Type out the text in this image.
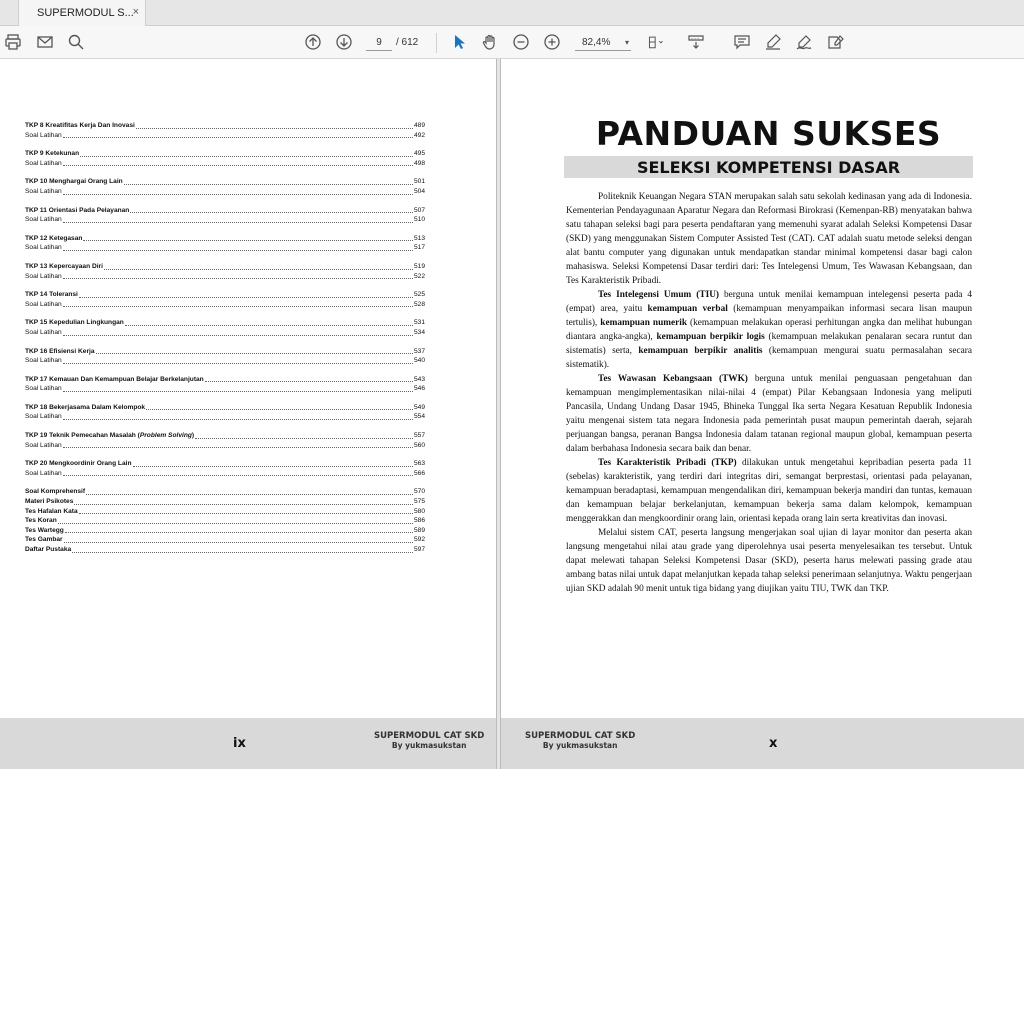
SUPERMODUL S...
×
9
/ 612	82,4% ▾
TKP 8 Kreatifitas Kerja Dan Inovasi	489
Soal Latihan	492
TKP 9 Ketekunan	495
Soal Latihan	498
TKP 10 Menghargai Orang Lain	501
Soal Latihan	504
TKP 11 Orientasi Pada Pelayanan	507
Soal Latihan	510
TKP 12 Ketegasan	513
Soal Latihan	517
TKP 13 Kepercayaan Diri	519
Soal Latihan	522
TKP 14 Toleransi	525
Soal Latihan	528
TKP 15 Kepedulian Lingkungan	531
Soal Latihan	534
TKP 16 Efisiensi Kerja	537
Soal Latihan	540
TKP 17 Kemauan Dan Kemampuan Belajar Berkelanjutan	543
Soal Latihan	546
TKP 18 Bekerjasama Dalam Kelompok	549
Soal Latihan	554
TKP 19 Teknik Pemecahan Masalah (Problem Solving)	557
Soal Latihan	560
TKP 20 Mengkoordinir Orang Lain	563
Soal Latihan	566
Soal Komprehensif	570
Materi Psikotes	575
Tes Hafalan Kata	580
Tes Koran	586
Tes Wartegg	589
Tes Gambar	592
Daftar Pustaka	597
ix	SUPERMODUL CAT SKD
By yukmasukstan
PANDUAN SUKSES
SELEKSI KOMPETENSI DASAR

Politeknik Keuangan Negara STAN merupakan salah satu sekolah kedinasan yang ada di Indonesia. Kementerian Pendayagunaan Aparatur Negara dan Reformasi Birokrasi (Kemenpan-RB) menyatakan bahwa satu tahapan seleksi bagi para peserta pendaftaran yang memenuhi syarat adalah Seleksi Kompetensi Dasar (SKD) yang menggunakan Sistem Computer Assisted Test (CAT). CAT adalah suatu metode seleksi dengan alat bantu computer yang digunakan untuk mendapatkan standar minimal kompetensi dasar bagi calon mahasiswa. Seleksi Kompetensi Dasar terdiri dari: Tes Intelegensi Umum, Tes Wawasan Kebangsaan, dan Tes Karakteristik Pribadi.

Tes Intelegensi Umum (TIU) berguna untuk menilai kemampuan intelegensi peserta pada 4 (empat) area, yaitu kemampuan verbal (kemampuan menyampaikan informasi secara lisan maupun tertulis), kemampuan numerik (kemampuan melakukan operasi perhitungan angka dan melihat hubungan diantara angka-angka), kemampuan berpikir logis (kemampuan melakukan penalaran secara runtut dan sistematis) serta, kemampuan berpikir analitis (kemampuan mengurai suatu permasalahan secara sistematik).

Tes Wawasan Kebangsaan (TWK) berguna untuk menilai penguasaan pengetahuan dan kemampuan mengimplementasikan nilai-nilai 4 (empat) Pilar Kebangsaan Indonesia yang meliputi Pancasila, Undang Undang Dasar 1945, Bhineka Tunggal Ika serta Negara Kesatuan Republik Indonesia yaitu mengenai sistem tata negara Indonesia pada pemerintah pusat maupun pemerintah daerah, sejarah perjuangan bangsa, peranan Bangsa Indonesia dalam tatanan regional maupun global, kemampuan peserta dalam berbahasa Indonesia secara baik dan benar.

Tes Karakteristik Pribadi (TKP) dilakukan untuk mengetahui kepribadian peserta pada 11 (sebelas) karakteristik, yang terdiri dari integritas diri, semangat berprestasi, orientasi pada pelayanan, kemampuan beradaptasi, kemampuan mengendalikan diri, kemampuan bekerja mandiri dan tuntas, kemauan dan kemampuan belajar berkelanjutan, kemampuan bekerja sama dalam kelompok, kemampuan menggerakkan dan mengkoordinir orang lain, orientasi kepada orang lain serta kreativitas dan inovasi.

Melalui sistem CAT, peserta langsung mengerjakan soal ujian di layar monitor dan peserta akan langsung mengetahui nilai atau grade yang diperolehnya usai peserta menyelesaikan tes tersebut. Untuk dapat melewati tahapan Seleksi Kompetensi Dasar (SKD), peserta harus melewati passing grade atau ambang batas nilai untuk dapat melanjutkan kepada tahap seleksi penerimaan selanjutnya. Waktu pengerjaan ujian SKD adalah 90 menit untuk tiga bidang yang diujikan yaitu TIU, TWK dan TKP.

SUPERMODUL CAT SKD
By yukmasukstan	x
